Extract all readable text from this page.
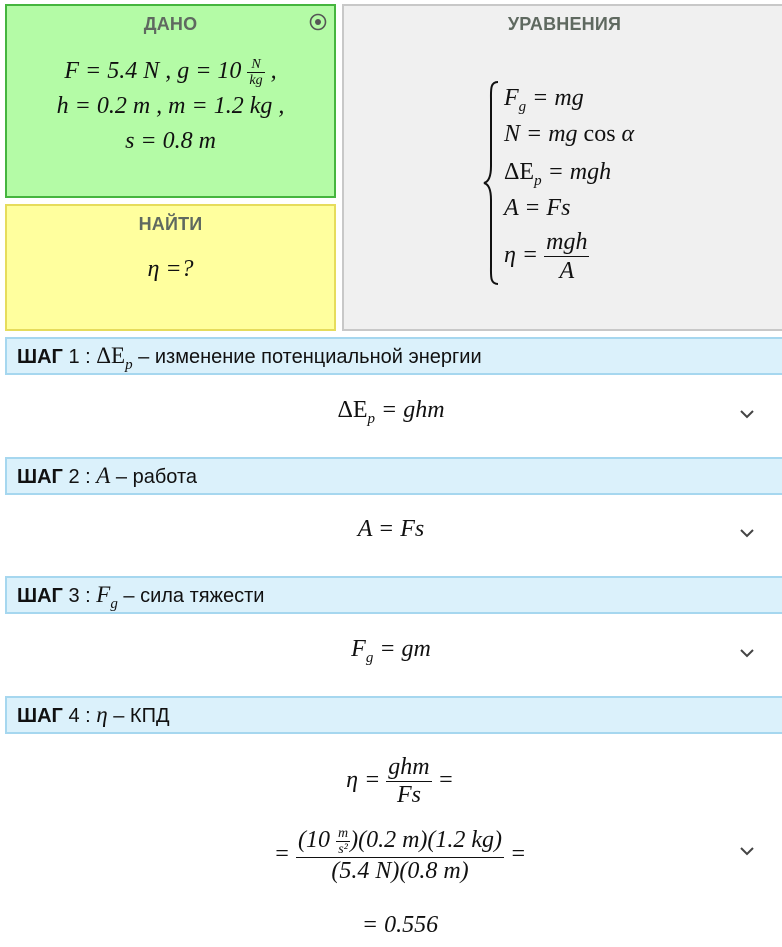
ДАНО
F = 5.4 N , $g = 10 \frac{N}{kg}$ ,
h = 0.2 m , m = 1.2 kg ,
s = 0.8 m
НАЙТИ
η =?
УРАВНЕНИЯ
$F_g$ = mg
N = mg cos α
$\Delta E_p$ = mgh
A = Fs
$\eta = \frac{\text{mgh}}{A}$
ШАГ 1 : $\Delta E_p$ – изменение потенциальной энергии
$\Delta E_p$ = ghm
ШАГ 2 : A – работа
A = Fs
ШАГ 3 : $F_g$ – сила тяжести
$F_g$ = gm
ШАГ 4 : η – КПД
$\eta = \frac{\text{ghm}}{Fs}$ =
= $\frac{(10 \frac{m}{\text{s²}} )(0.2 m)(1.2 kg)}{(5.4 N)(0.8 m)}$ =
= 0.556
